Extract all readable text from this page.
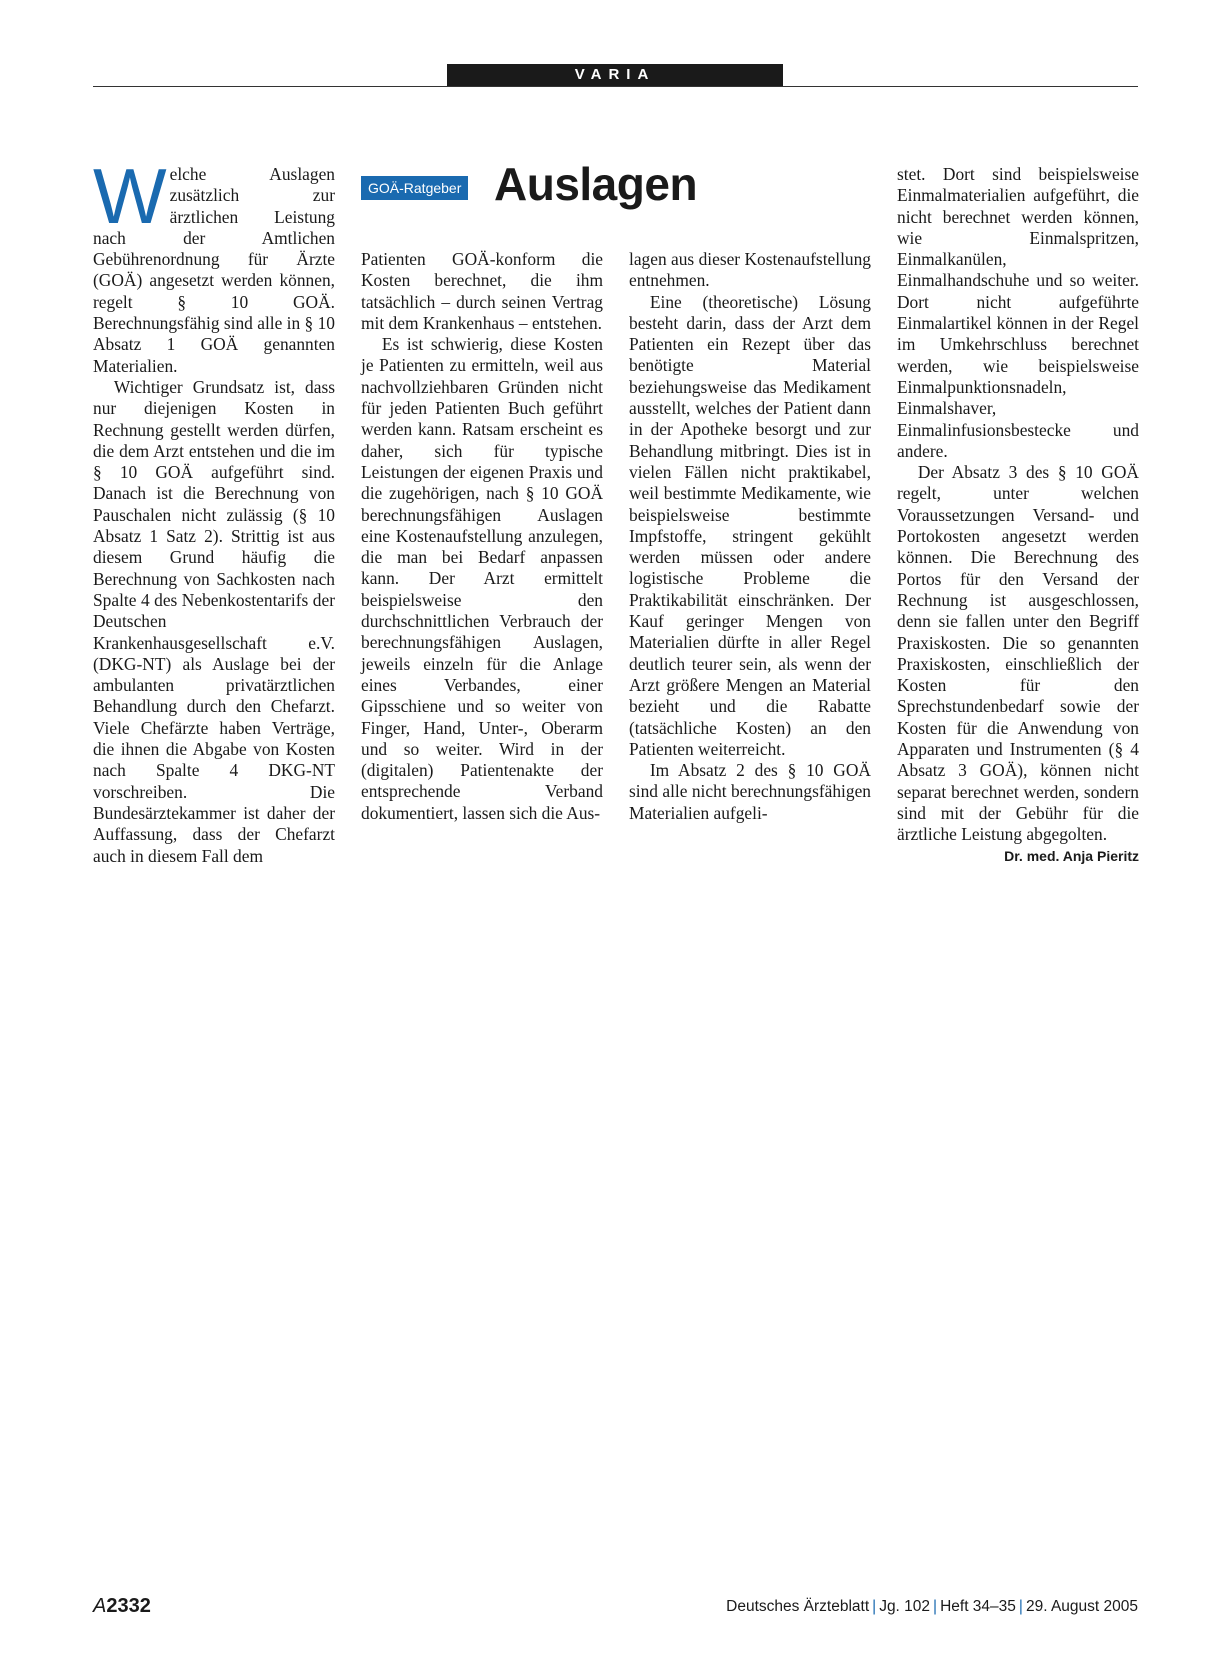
VARIA

Welche Auslagen zusätzlich zur ärztlichen Leistung nach der Amtlichen Gebührenordnung für Ärzte (GOÄ) angesetzt werden können, regelt § 10 GOÄ. Berechnungsfähig sind alle in § 10 Absatz 1 GOÄ genannten Materialien.

Wichtiger Grundsatz ist, dass nur diejenigen Kosten in Rechnung gestellt werden dürfen, die dem Arzt entstehen und die im § 10 GOÄ aufgeführt sind. Danach ist die Berechnung von Pauschalen nicht zulässig (§ 10 Absatz 1 Satz 2). Strittig ist aus diesem Grund häufig die Berechnung von Sachkosten nach Spalte 4 des Nebenkostentarifs der Deutschen Krankenhausgesellschaft e.V. (DKG-NT) als Auslage bei der ambulanten privatärztlichen Behandlung durch den Chefarzt. Viele Chefärzte haben Verträge, die ihnen die Abgabe von Kosten nach Spalte 4 DKG-NT vorschreiben. Die Bundesärztekammer ist daher der Auffassung, dass der Chefarzt auch in diesem Fall dem

GOÄ-Ratgeber Auslagen

Patienten GOÄ-konform die Kosten berechnet, die ihm tatsächlich – durch seinen Vertrag mit dem Krankenhaus – entstehen.

Es ist schwierig, diese Kosten je Patienten zu ermitteln, weil aus nachvollziehbaren Gründen nicht für jeden Patienten Buch geführt werden kann. Ratsam erscheint es daher, sich für typische Leistungen der eigenen Praxis und die zugehörigen, nach § 10 GOÄ berechnungsfähigen Auslagen eine Kostenaufstellung anzulegen, die man bei Bedarf anpassen kann. Der Arzt ermittelt beispielsweise den durchschnittlichen Verbrauch der berechnungsfähigen Auslagen, jeweils einzeln für die Anlage eines Verbandes, einer Gipsschiene und so weiter von Finger, Hand, Unter-, Oberarm und so weiter. Wird in der (digitalen) Patientenakte der entsprechende Verband dokumentiert, lassen sich die Aus-

lagen aus dieser Kostenaufstellung entnehmen.

Eine (theoretische) Lösung besteht darin, dass der Arzt dem Patienten ein Rezept über das benötigte Material beziehungsweise das Medikament ausstellt, welches der Patient dann in der Apotheke besorgt und zur Behandlung mitbringt. Dies ist in vielen Fällen nicht praktikabel, weil bestimmte Medikamente, wie beispielsweise bestimmte Impfstoffe, stringent gekühlt werden müssen oder andere logistische Probleme die Praktikabilität einschränken. Der Kauf geringer Mengen von Materialien dürfte in aller Regel deutlich teurer sein, als wenn der Arzt größere Mengen an Material bezieht und die Rabatte (tatsächliche Kosten) an den Patienten weiterreicht.

Im Absatz 2 des § 10 GOÄ sind alle nicht berechnungsfähigen Materialien aufgeli-

stet. Dort sind beispielsweise Einmalmaterialien aufgeführt, die nicht berechnet werden können, wie Einmalspritzen, Einmalkanülen, Einmalhandschuhe und so weiter. Dort nicht aufgeführte Einmalartikel können in der Regel im Umkehrschluss berechnet werden, wie beispielsweise Einmalpunktionsnadeln, Einmalshaver, Einmalinfusionsbestecke und andere.

Der Absatz 3 des § 10 GOÄ regelt, unter welchen Voraussetzungen Versand- und Portokosten angesetzt werden können. Die Berechnung des Portos für den Versand der Rechnung ist ausgeschlossen, denn sie fallen unter den Begriff Praxiskosten. Die so genannten Praxiskosten, einschließlich der Kosten für den Sprechstundenbedarf sowie der Kosten für die Anwendung von Apparaten und Instrumenten (§ 4 Absatz 3 GOÄ), können nicht separat berechnet werden, sondern sind mit der Gebühr für die ärztliche Leistung abgegolten.
Dr. med. Anja Pieritz

A2332	Deutsches Ärzteblatt | Jg. 102 | Heft 34–35 | 29. August 2005
